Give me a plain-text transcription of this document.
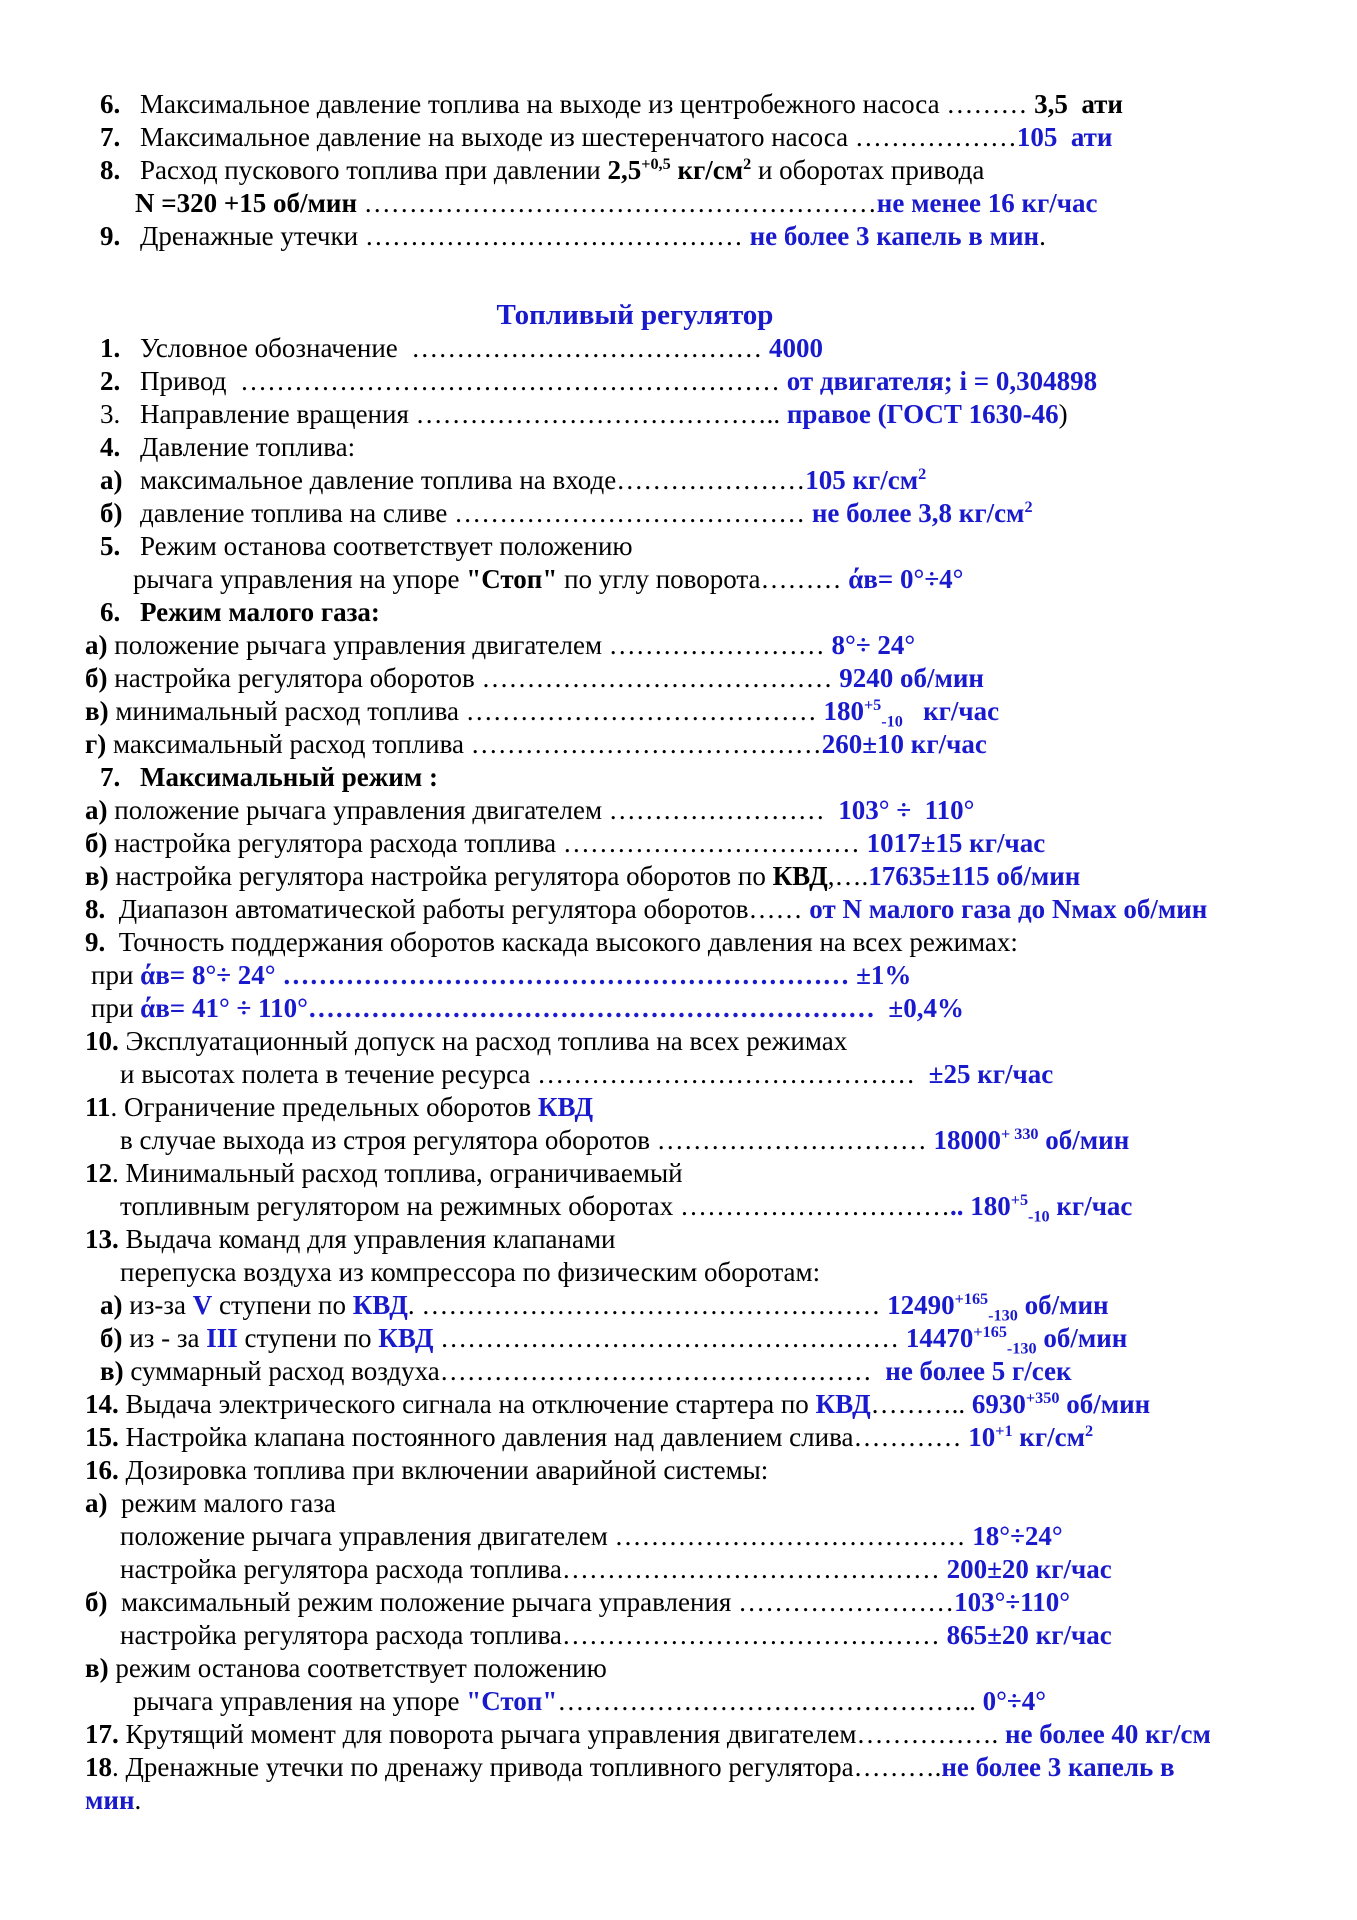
6. Максимальное давление топлива на выходе из центробежного насоса ……… 3,5  ати
7. Максимальное давление на выходе из шестеренчатого насоса ………………105  ати
8. Расход пускового топлива при давлении $2,5^{+0,5}$ $кг/см^2$ и оборотах привода
N =320 +15 об/мин …………………………………………………не менее 16 кг/час
9. Дренажные утечки …………………………………… не более 3 капель в мин.
Топливый регулятор
1. Условное обозначение  ………………………………… 4000
2. Привод  …………………………………………………… от двигателя; i = 0,304898
3. Направление вращения ………………………………….. правое (ГОСТ 1630-46)
4. Давление топлива:
а) максимальное давление топлива на входе…………………105 $кг/см^2$
б) давление топлива на сливе ………………………………… не более 3,8 $кг/см^2$
5. Режим останова соответствует положению
рычага управления на упоре "Стоп" по углу поворота……… άв= 0°÷4°
6. Режим малого газа:
а) положение рычага управления двигателем …………………… 8°÷ 24°
б) настройка регулятора оборотов ………………………………… 9240 об/мин
в) минимальный расход топлива ………………………………… $180^{+5}_{-10}$   кг/час
г) максимальный расход топлива …………………………………260±10 кг/час
7. Максимальный режим :
а) положение рычага управления двигателем ……………………  103° ÷  110°
б) настройка регулятора расхода топлива …………………………… 1017±15 кг/час
в) настройка регулятора настройка регулятора оборотов по КВД,….17635±115 об/мин
8.  Диапазон автоматической работы регулятора оборотов…… от N малого газа до Nмах об/мин
9.  Точность поддержания оборотов каскада высокого давления на всех режимах:
при άв= 8°÷ 24° ……………………………………………………… ±1%
при άв= 41° ÷ 110°………………………………………………………  ±0,4%
10. Эксплуатационный допуск на расход топлива на всех режимах
и высотах полета в течение ресурса ……………………………………  ±25 кг/час
11. Ограничение предельных оборотов КВД
в случае выхода из строя регулятора оборотов ………………………… $18000^{+ 330}$ об/мин
12. Минимальный расход топлива, ограничиваемый
топливным регулятором на режимных оборотах ………………………….. $180^{+5}_{-10}$ кг/час
13. Выдача команд для управления клапанами
перепуска воздуха из компрессора по физическим оборотам:
а) из-за V ступени по КВД. …………………………………………… $12490^{+165}_{-130}$ об/мин
б) из - за III ступени по КВД …………………………………………… $14470^{+165}_{-130}$ об/мин
в) суммарный расход воздуха…………………………………………  не более 5 г/сек
14. Выдача электрического сигнала на отключение стартера по КВД……….. $6930^{+350}$ об/мин
15. Настройка клапана постоянного давления над давлением слива………… $10^{+1}$ $кг/см^2$
16. Дозировка топлива при включении аварийной системы:
а)  режим малого газа
положение рычага управления двигателем ………………………………… 18°÷24°
настройка регулятора расхода топлива…………………………………… 200±20 кг/час
б)  максимальный режим положение рычага управления ……………………103°÷110°
настройка регулятора расхода топлива…………………………………… 865±20 кг/час
в) режим останова соответствует положению
рычага управления на упоре "Стоп"……………………………………….. 0°÷4°
17. Крутящий момент для поворота рычага управления двигателем……………. не более 40 кг/см
18. Дренажные утечки по дренажу привода топливного регулятора……….не более 3 капель в
мин.
